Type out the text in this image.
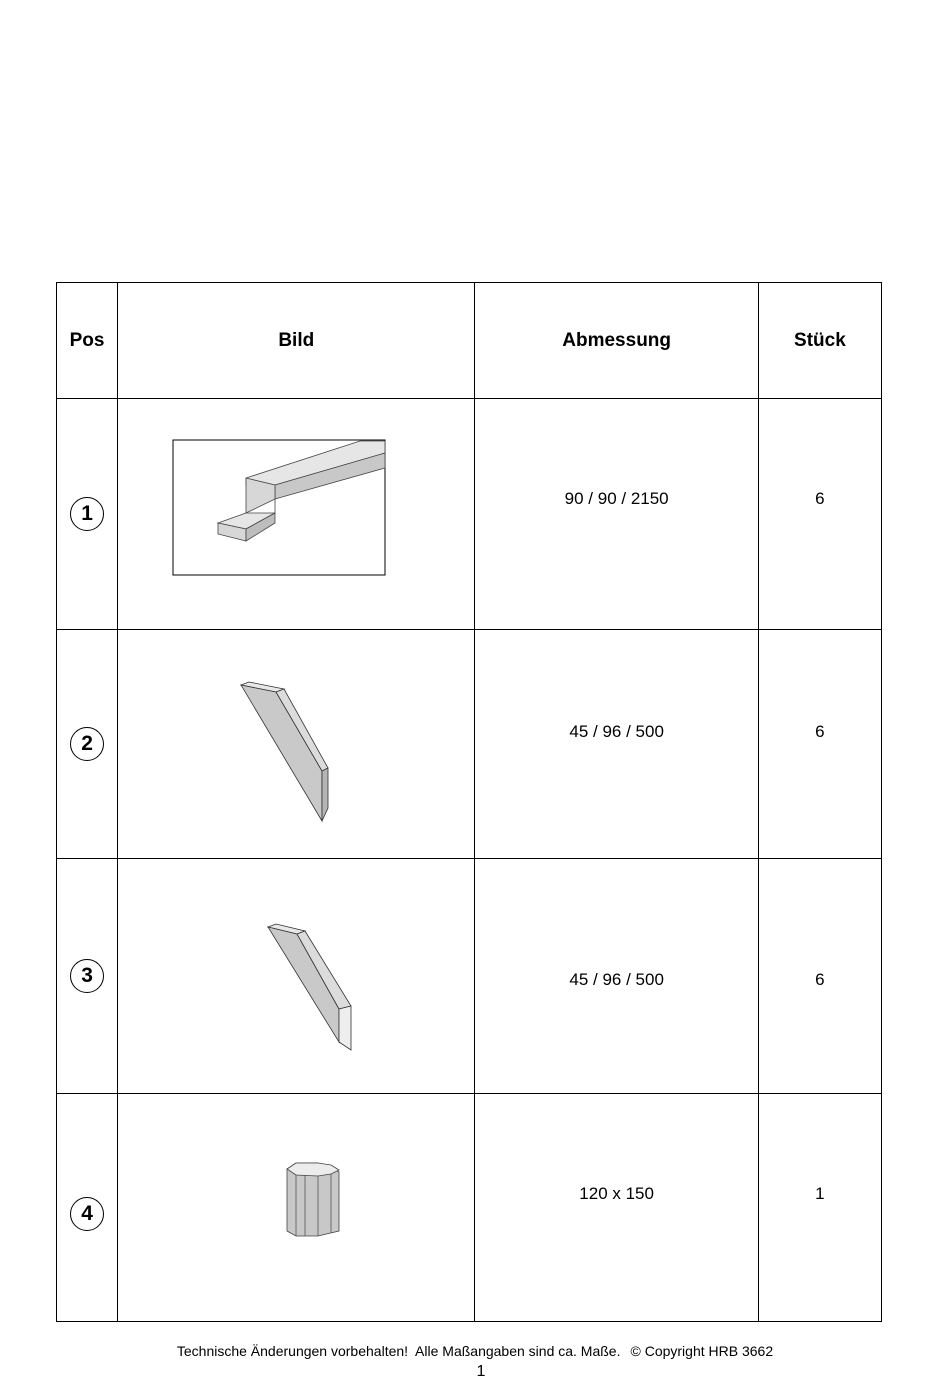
Pos	Bild	Abmessung	Stück
1		90 / 90 / 2150	6

2		45 / 96 / 500	6

3		45 / 96 / 500	6

4		120 x 150	1
Technische Änderungen vorbehalten!  Alle Maßangaben sind ca. Maße. © Copyright HRB 3662
1
